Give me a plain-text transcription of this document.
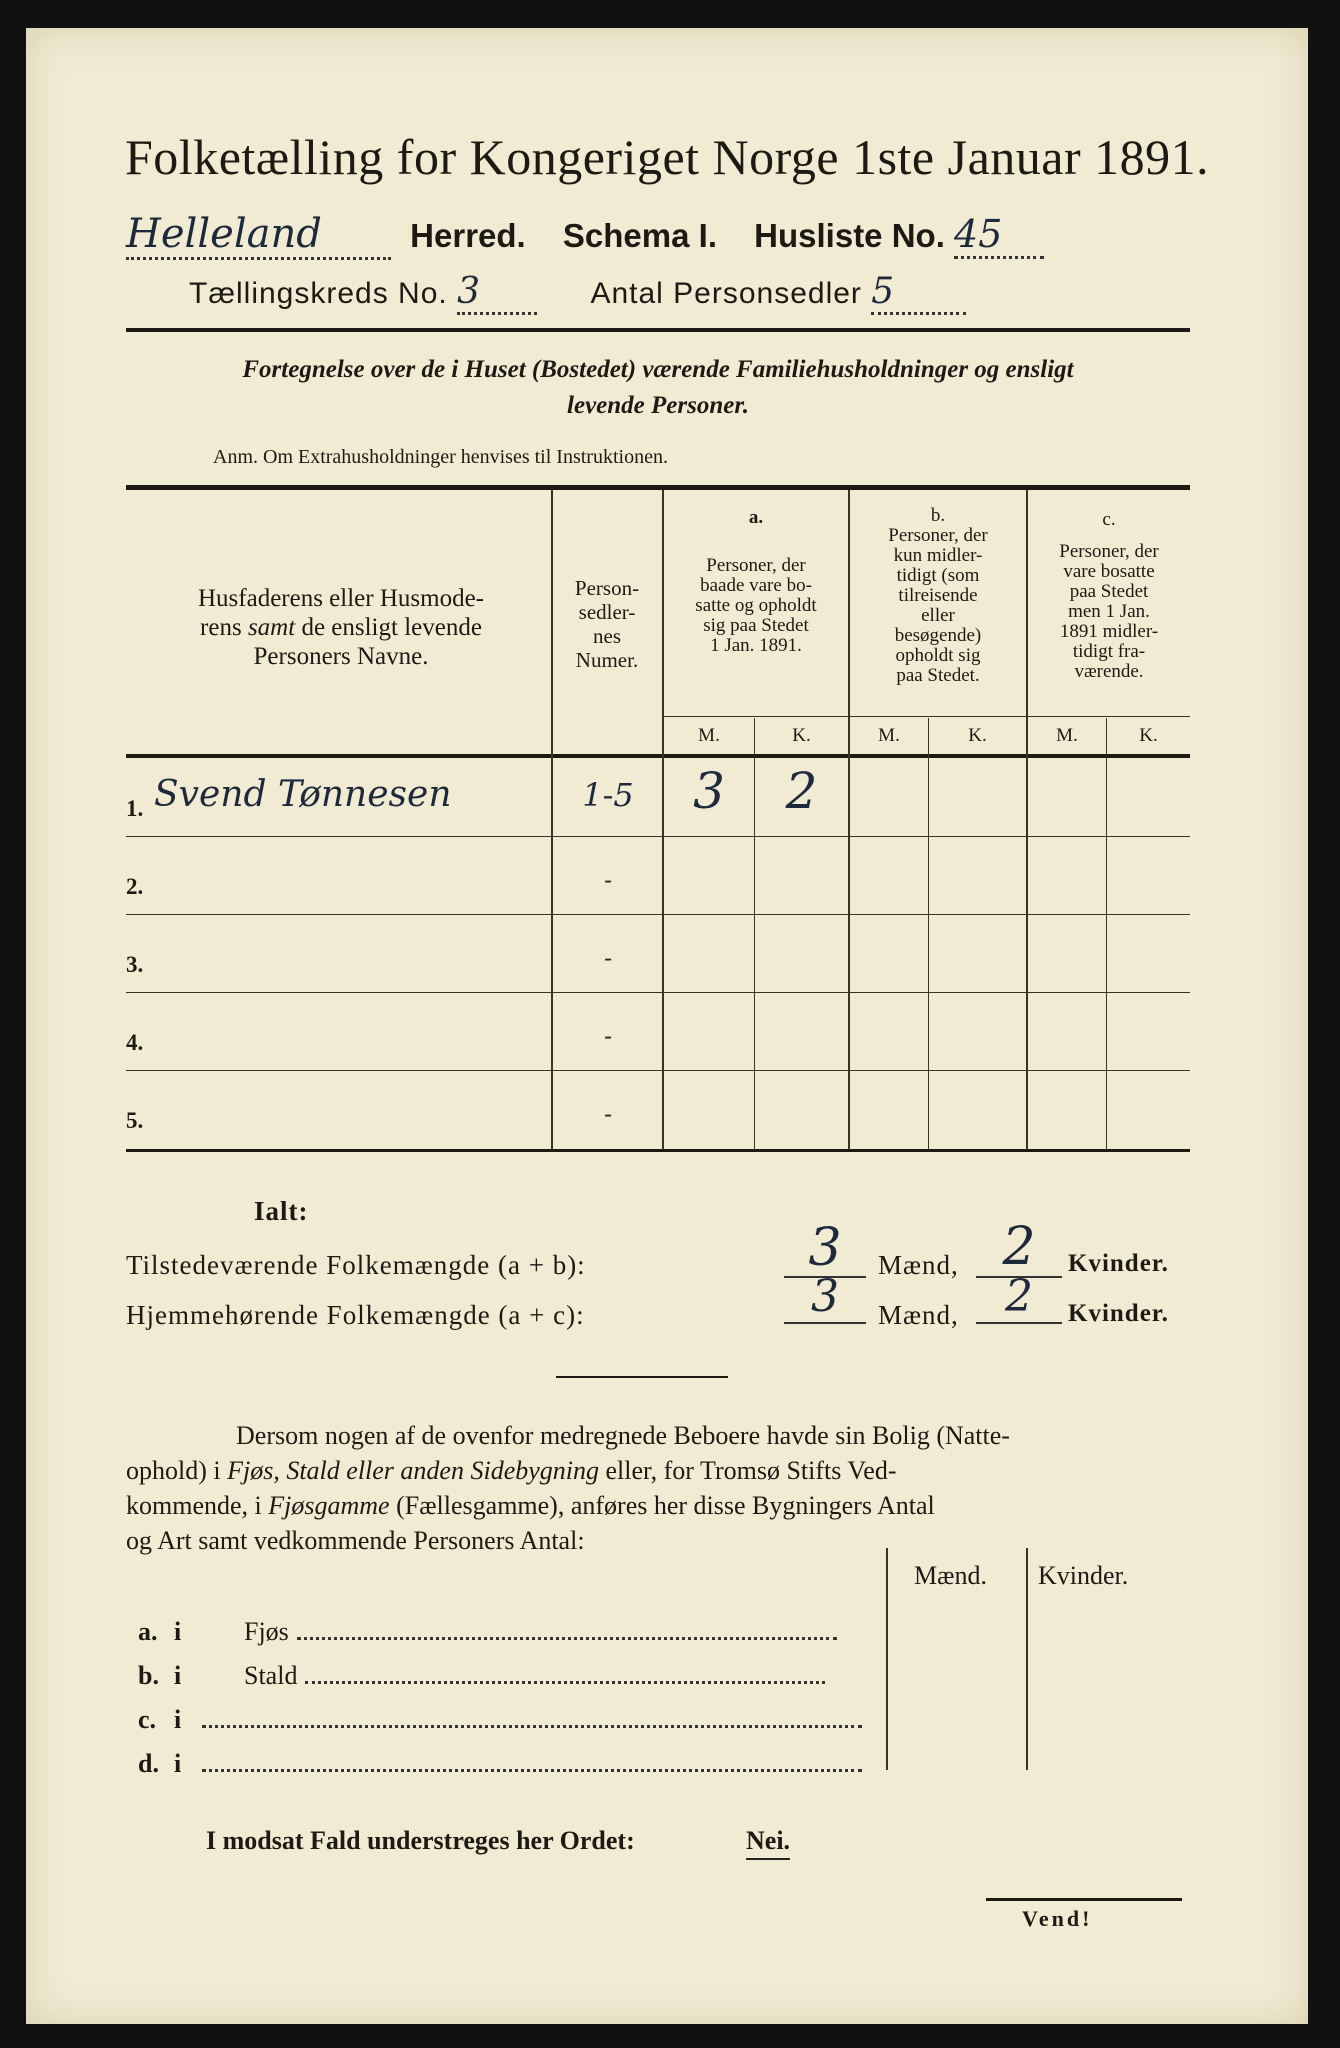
Folketælling for Kongeriget Norge 1ste Januar 1891.
Helleland	Herred. Schema I. Husliste No. 45
Tællingskreds No. 3	Antal Personsedler 5
Fortegnelse over de i Huset (Bostedet) værende Familiehusholdninger og ensligt
levende Personer.
Anm. Om Extrahusholdninger henvises til Instruktionen.
Husfaderens eller Husmode-
rens samt de ensligt levende
Personers Navne.
Person-
sedler-
nes
Numer.
a.
Personer, der
baade vare bo-
satte og opholdt
sig paa Stedet
1 Jan. 1891.
b.
Personer, der
kun midler-
tidigt (som
tilreisende
eller
besøgende)
opholdt sig
paa Stedet.
c.
Personer, der
vare bosatte
paa Stedet
men 1 Jan.
1891 midler-
tidigt fra-
værende.
M.	K.	M.	K.	M.	K.
1. Svend Tønnesen	1-5	3	2
2.	-
3.	-
4.	-
5.	-
Ialt:
Tilstedeværende Folkemængde (a + b):	3	Mænd, 2	Kvinder.
Hjemmehørende Folkemængde (a + c):	3	Mænd,	2	Kvinder.
Dersom nogen af de ovenfor medregnede Beboere havde sin Bolig (Natte-
ophold) i Fjøs, Stald eller anden Sidebygning eller, for Tromsø Stifts Ved-
kommende, i Fjøsgamme (Fællesgamme), anføres her disse Bygningers Antal
og Art samt vedkommende Personers Antal:
Mænd. Kvinder.
a. i Fjøs
b. i Stald
c. i
d. i
I modsat Fald understreges her Ordet:	Nei.
Vend!
